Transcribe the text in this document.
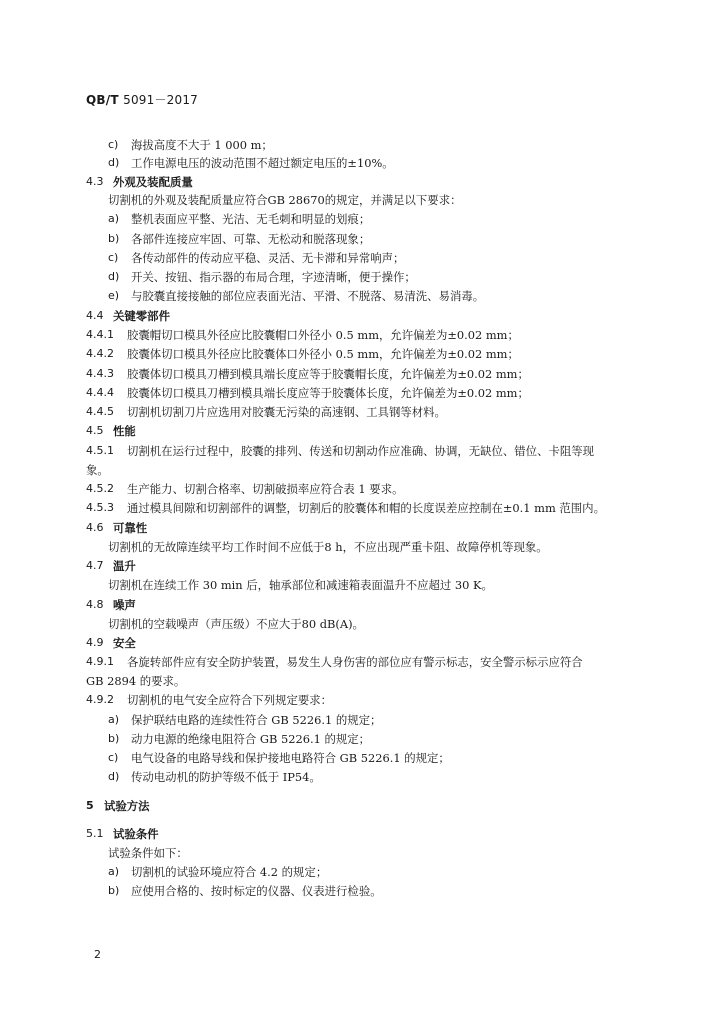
QB/T 5091－2017
c) 海拔高度不大于 1 000 m；
d) 工作电源电压的波动范围不超过额定电压的±10%。
4.3 外观及装配质量
切割机的外观及装配质量应符合GB 28670的规定，并满足以下要求：
a) 整机表面应平整、光洁、无毛刺和明显的划痕；
b) 各部件连接应牢固、可靠、无松动和脱落现象；
c) 各传动部件的传动应平稳、灵活、无卡滞和异常响声；
d) 开关、按钮、指示器的布局合理，字迹清晰，便于操作；
e) 与胶囊直接接触的部位应表面光洁、平滑、不脱落、易清洗、易消毒。
4.4 关键零部件
4.4.1 胶囊帽切口模具外径应比胶囊帽口外径小 0.5 mm，允许偏差为±0.02 mm；
4.4.2 胶囊体切口模具外径应比胶囊体口外径小 0.5 mm，允许偏差为±0.02 mm；
4.4.3 胶囊体切口模具刀槽到模具端长度应等于胶囊帽长度，允许偏差为±0.02 mm；
4.4.4 胶囊体切口模具刀槽到模具端长度应等于胶囊体长度，允许偏差为±0.02 mm；
4.4.5 切割机切割刀片应选用对胶囊无污染的高速钢、工具钢等材料。
4.5 性能
4.5.1 切割机在运行过程中，胶囊的排列、传送和切割动作应准确、协调，无缺位、错位、卡阻等现
象。
4.5.2 生产能力、切割合格率、切割破损率应符合表 1 要求。
4.5.3 通过模具间隙和切割部件的调整，切割后的胶囊体和帽的长度误差应控制在±0.1 mm 范围内。
4.6 可靠性
切割机的无故障连续平均工作时间不应低于8 h，不应出现严重卡阻、故障停机等现象。
4.7 温升
切割机在连续工作 30 min 后，轴承部位和减速箱表面温升不应超过 30 K。
4.8 噪声
切割机的空载噪声（声压级）不应大于80 dB(A)。
4.9 安全
4.9.1 各旋转部件应有安全防护装置，易发生人身伤害的部位应有警示标志，安全警示标示应符合
GB 2894 的要求。
4.9.2 切割机的电气安全应符合下列规定要求：
a) 保护联结电路的连续性符合 GB 5226.1 的规定；
b) 动力电源的绝缘电阻符合 GB 5226.1 的规定；
c) 电气设备的电路导线和保护接地电路符合 GB 5226.1 的规定；
d) 传动电动机的防护等级不低于 IP54。
5 试验方法
5.1 试验条件
试验条件如下：
a) 切割机的试验环境应符合 4.2 的规定；
b) 应使用合格的、按时标定的仪器、仪表进行检验。
2
